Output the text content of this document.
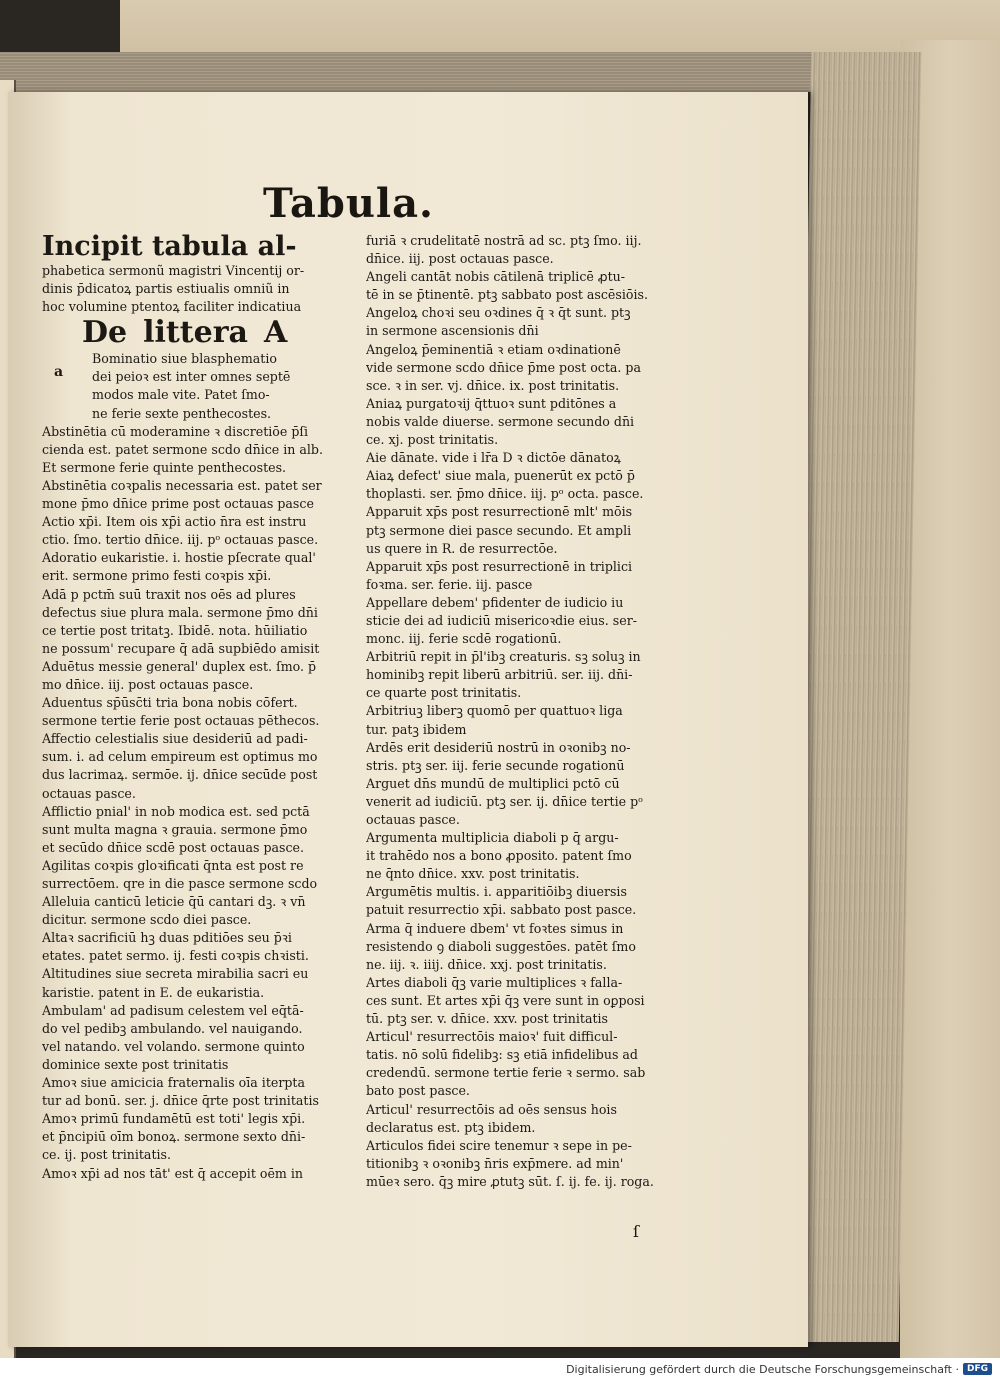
Tabula.
Incipit tabula al-
phabetica sermonũ magistri Vincentij or-
dinis p̄dicatoꝝ partis estiualis omniũ in
hoc volumine ptentoꝝ faciliter indicatiua
De littera A
a
Bominatio siue blasphematio
dei peioꝛ est inter omnes septē
modos male vite. Patet ſmo-
ne ferie sexte penthecostes.
Abstinētia cū moderamine ꝛ discretiōe p̄ſi
cienda est. patet sermone scdo dn̄ice in alb.
Et sermone ferie quinte penthecostes.
Abstinētia coꝛpalis necessaria est. patet ser
mone p̄mo dn̄ice prime post octauas pasce
Actio xp̄i. Item ois xp̄i actio n̄ra est instru
ctio. ſmo. tertio dn̄ice. iij. pᵒ octauas pasce.
Adoratio eukaristie. i. hostie pſecrate qual'
erit. sermone primo festi coꝛpis xp̄i.
Adā p pctm̄ suū traxit nos oēs ad plures
defectus siue plura mala. sermone p̄mo dn̄i
ce tertie post tritatꝫ. Ibidē. nota. hūiliatio
ne possum' recupare q̄ adā supbiēdo amisit
Aduētus messie general' duplex est. ſmo. p̄
mo dn̄ice. iij. post octauas pasce.
Aduentus sp̄ūsc̄ti tria bona nobis cōfert.
sermone tertie ferie post octauas pēthecos.
Affectio celestialis siue desideriū ad padi-
sum. i. ad celum empireum est optimus mo
dus lacrimaꝝ. sermōe. ij. dn̄ice secūde post
octauas pasce.
Afflictio pnial' in nob modica est. sed pctā
sunt multa magna ꝛ grauia. sermone p̄mo
et secūdo dn̄ice scdē post octauas pasce.
Agilitas coꝛpis gloꝛificati q̄nta est post re
surrectōem. qre in die pasce sermone scdo
Alleluia canticū leticie q̄ū cantari dꝫ. ꝛ vn̄
dicitur. sermone scdo diei pasce.
Altaꝛ sacrificiū hꝫ duas pditiōes seu p̄ꝛi
etates. patet sermo. ij. festi coꝛpis chꝛisti.
Altitudines siue secreta mirabilia sacri eu
karistie. patent in E. de eukaristia.
Ambulam' ad padisum celestem vel eq̄tā-
do vel pedibꝫ ambulando. vel nauigando.
vel natando. vel volando. sermone quinto
dominice sexte post trinitatis
Amoꝛ siue amicicia fraternalis oīa iterpta
tur ad bonū. ser. j. dn̄ice q̄rte post trinitatis
Amoꝛ primū fundamētū est toti' legis xp̄i.
et p̄ncipiū oīm bonoꝝ. sermone sexto dn̄i-
ce. ij. post trinitatis.
Amoꝛ xp̄i ad nos tāt' est q̄ accepit oēm in
furiā ꝛ crudelitatē nostrā ad sc. ptꝫ ſmo. iij.
dn̄ice. iij. post octauas pasce.
Angeli cantāt nobis cātilenā triplicē ꝓtu-
tē in se p̄tinentē. ptꝫ sabbato post ascēsiōis.
Angeloꝝ choꝛi seu oꝛdines q̄ ꝛ q̄t sunt. ptꝫ
in sermone ascensionis dn̄i
Angeloꝝ p̄eminentiā ꝛ etiam oꝛdinationē
vide sermone scdo dn̄ice p̄me post octa. pa
sce. ꝛ in ser. vj. dn̄ice. ix. post trinitatis.
Aniaꝝ purgatoꝛij q̄ttuoꝛ sunt pditōnes a
nobis valde diuerse. sermone secundo dn̄i
ce. xj. post trinitatis.
Aie dānate. vide i lr̄a D ꝛ dictōe dānatoꝝ
Aiaꝝ defect' siue mala, puenerūt ex pctō p̄
thoplasti. ser. p̄mo dn̄ice. iij. pᵒ octa. pasce.
Apparuit xp̄s post resurrectionē mlt' mōis
ptꝫ sermone diei pasce secundo. Et ampli
us quere in R. de resurrectōe.
Apparuit xp̄s post resurrectionē in triplici
foꝛma. ser. ferie. iij. pasce
Appellare debem' pfidenter de iudicio iu
sticie dei ad iudiciū misericoꝛdie eius. ser-
monc. iij. ferie scdē rogationū.
Arbitriū repit in p̄l'ibꝫ creaturis. sꝫ soluꝫ in
hominibꝫ repit liberū arbitriū. ser. iij. dn̄i-
ce quarte post trinitatis.
Arbitriuꝫ liberꝫ quomō per quattuoꝛ liga
tur. patꝫ ibidem
Ardēs erit desideriū nostrū in oꝛonibꝫ no-
stris. ptꝫ ser. iij. ferie secunde rogationū
Arguet dn̄s mundū de multiplici pctō cū
venerit ad iudiciū. ptꝫ ser. ij. dn̄ice tertie pᵒ
octauas pasce.
Argumenta multiplicia diaboli p q̄ argu-
it trahēdo nos a bono ꝓposito. patent ſmo
ne q̄nto dn̄ice. xxv. post trinitatis.
Argumētis multis. i. apparitiōibꝫ diuersis
patuit resurrectio xp̄i. sabbato post pasce.
Arma q̄ induere dbem' vt foꝛtes simus in
resistendo ꝯ diaboli suggestōes. patēt ſmo
ne. iij. ꝛ. iiij. dn̄ice. xxj. post trinitatis.
Artes diaboli q̄ꝫ varie multiplices ꝛ falla-
ces sunt. Et artes xp̄i q̄ꝫ vere sunt in oꝑposi
tū. ptꝫ ser. v. dn̄ice. xxv. post trinitatis
Articul' resurrectōis maioꝛ' fuit difficul-
tatis. nō solū fidelibꝫ: sꝫ etiā infidelibus ad
credendū. sermone tertie ferie ꝛ sermo. sab
bato post pasce.
Articul' resurrectōis ad oēs sensus hois
declaratus est. ptꝫ ibidem.
Articulos fidei scire tenemur ꝛ sepe in pe-
titionibꝫ ꝛ oꝛonibꝫ n̄ris exp̄mere. ad min'
mūeꝛ sero. q̄ꝫ mire ꝓtutꝫ sūt. ſ. ij. fe. ij. roga.
ſ
Digitalisierung gefördert durch die Deutsche Forschungsgemeinschaft · DFG
